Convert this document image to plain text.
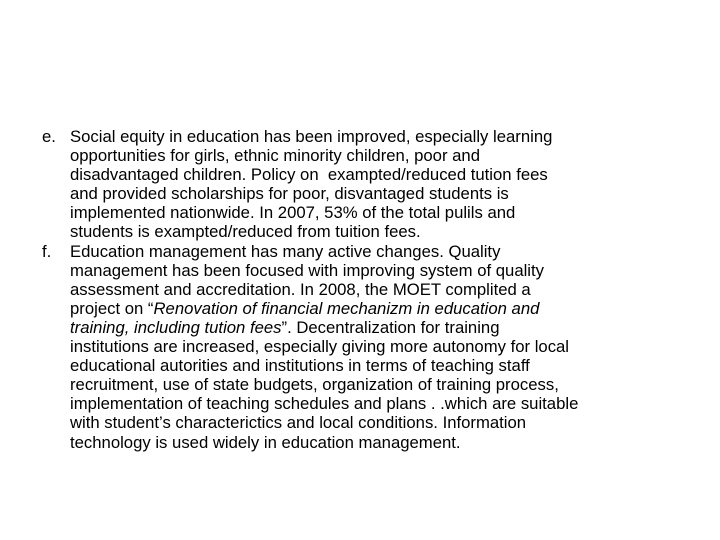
e. Social equity in education has been improved, especially learning
opportunities for girls, ethnic minority children, poor and
disadvantaged children. Policy on  exampted/reduced tution fees
and provided scholarships for poor, disvantaged students is
implemented nationwide. In 2007, 53% of the total pulils and
students is exampted/reduced from tuition fees.
f. Education management has many active changes. Quality
management has been focused with improving system of quality
assessment and accreditation. In 2008, the MOET complited a
project on “Renovation of financial mechanizm in education and
training, including tution fees”. Decentralization for training
institutions are increased, especially giving more autonomy for local
educational autorities and institutions in terms of teaching staff
recruitment, use of state budgets, organization of training process,
implementation of teaching schedules and plans . .which are suitable
with student’s characterictics and local conditions. Information
technology is used widely in education management.
